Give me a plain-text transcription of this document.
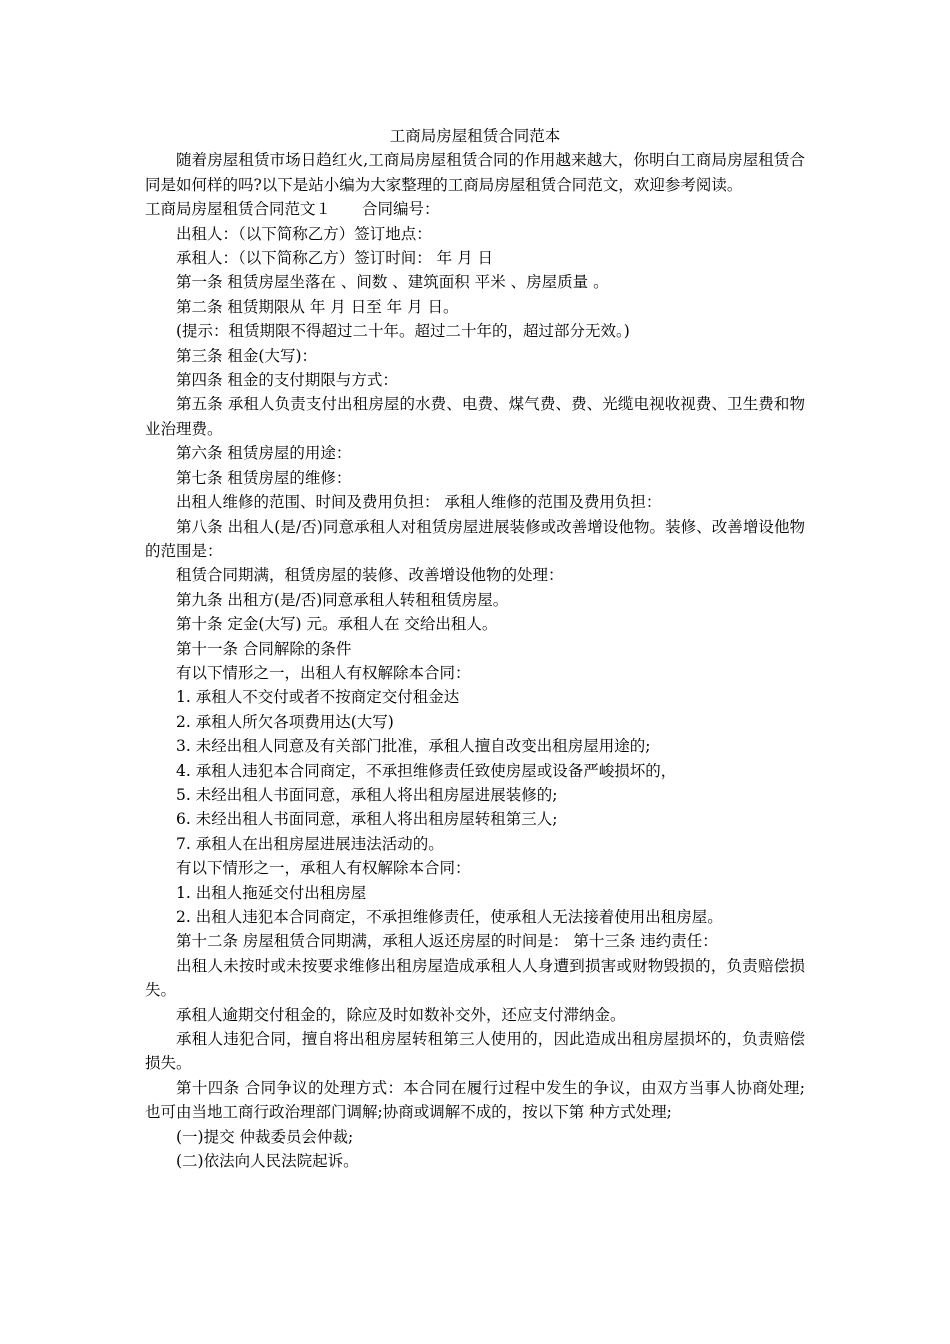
工商局房屋租赁合同范本

随着房屋租赁市场日趋红火,工商局房屋租赁合同的作用越来越大，你明白工商局房屋租赁合同是如何样的吗?以下是站小编为大家整理的工商局房屋租赁合同范文，欢迎参考阅读。

工商局房屋租赁合同范文１　　合同编号：

出租人：（以下简称乙方）签订地点：

承租人：（以下简称乙方）签订时间： 年 月 日

第一条 租赁房屋坐落在 、间数 、建筑面积 平米 、房屋质量 。

第二条 租赁期限从 年 月 日至 年 月 日。

(提示：租赁期限不得超过二十年。超过二十年的，超过部分无效。)

第三条 租金(大写)：

第四条 租金的支付期限与方式：

第五条 承租人负责支付出租房屋的水费、电费、煤气费、费、光缆电视收视费、卫生费和物业治理费。

第六条 租赁房屋的用途：

第七条 租赁房屋的维修：

出租人维修的范围、时间及费用负担： 承租人维修的范围及费用负担：

第八条 出租人(是/否)同意承租人对租赁房屋进展装修或改善增设他物。装修、改善增设他物的范围是：

租赁合同期满，租赁房屋的装修、改善增设他物的处理：

第九条 出租方(是/否)同意承租人转租租赁房屋。

第十条 定金(大写) 元。承租人在 交给出租人。

第十一条 合同解除的条件

有以下情形之一，出租人有权解除本合同：

1. 承租人不交付或者不按商定交付租金达

2. 承租人所欠各项费用达(大写)

3. 未经出租人同意及有关部门批准，承租人擅自改变出租房屋用途的;

4. 承租人违犯本合同商定，不承担维修责任致使房屋或设备严峻损坏的，

5. 未经出租人书面同意，承租人将出租房屋进展装修的;

6. 未经出租人书面同意，承租人将出租房屋转租第三人;

7. 承租人在出租房屋进展违法活动的。

有以下情形之一，承租人有权解除本合同：

1. 出租人拖延交付出租房屋

2. 出租人违犯本合同商定，不承担维修责任，使承租人无法接着使用出租房屋。

第十二条 房屋租赁合同期满，承租人返还房屋的时间是： 第十三条 违约责任：

出租人未按时或未按要求维修出租房屋造成承租人人身遭到损害或财物毁损的，负责赔偿损失。

承租人逾期交付租金的，除应及时如数补交外，还应支付滞纳金。

承租人违犯合同，擅自将出租房屋转租第三人使用的，因此造成出租房屋损坏的，负责赔偿损失。

第十四条 合同争议的处理方式：本合同在履行过程中发生的争议，由双方当事人协商处理; 也可由当地工商行政治理部门调解;协商或调解不成的，按以下第 种方式处理;

(一)提交 仲裁委员会仲裁;

(二)依法向人民法院起诉。
